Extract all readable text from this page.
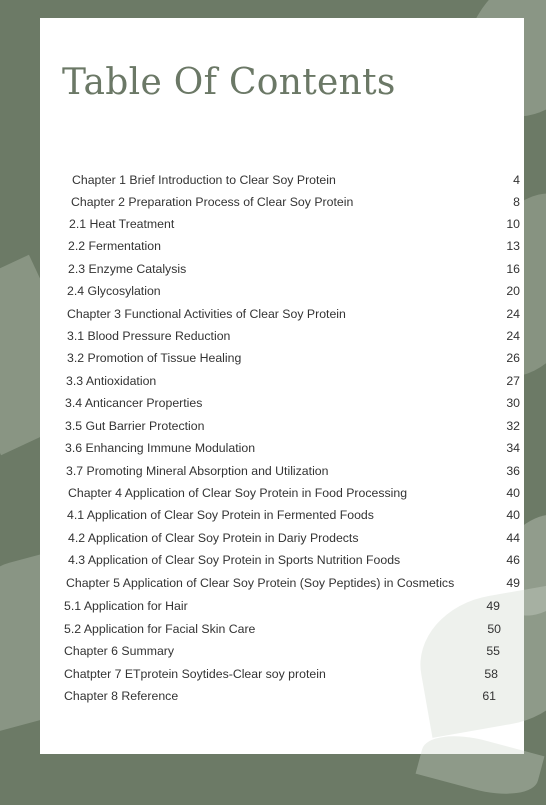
Table Of Contents
Chapter 1 Brief Introduction to Clear Soy Protein	4
Chapter 2 Preparation Process of Clear Soy Protein	8
2.1 Heat Treatment	10
2.2 Fermentation	13
2.3 Enzyme Catalysis	16
2.4 Glycosylation	20
Chapter 3 Functional Activities of Clear Soy Protein	24
3.1 Blood Pressure Reduction	24
3.2 Promotion of Tissue Healing	26
3.3 Antioxidation	27
3.4 Anticancer Properties	30
3.5 Gut Barrier Protection	32
3.6 Enhancing Immune Modulation	34
3.7 Promoting Mineral Absorption and Utilization	36
Chapter 4 Application of Clear Soy Protein in Food Processing	40
4.1 Application of Clear Soy Protein in Fermented Foods	40
4.2 Application of Clear Soy Protein in Dariy Prodects	44
4.3 Application of Clear Soy Protein in Sports Nutrition Foods	46
Chapter 5 Application of Clear Soy Protein (Soy Peptides) in Cosmetics	49
5.1 Application for Hair	49
5.2 Application for Facial Skin Care	50
Chapter 6 Summary	55
Chatpter 7 ETprotein Soytides-Clear soy protein	58
Chapter 8 Reference	61
